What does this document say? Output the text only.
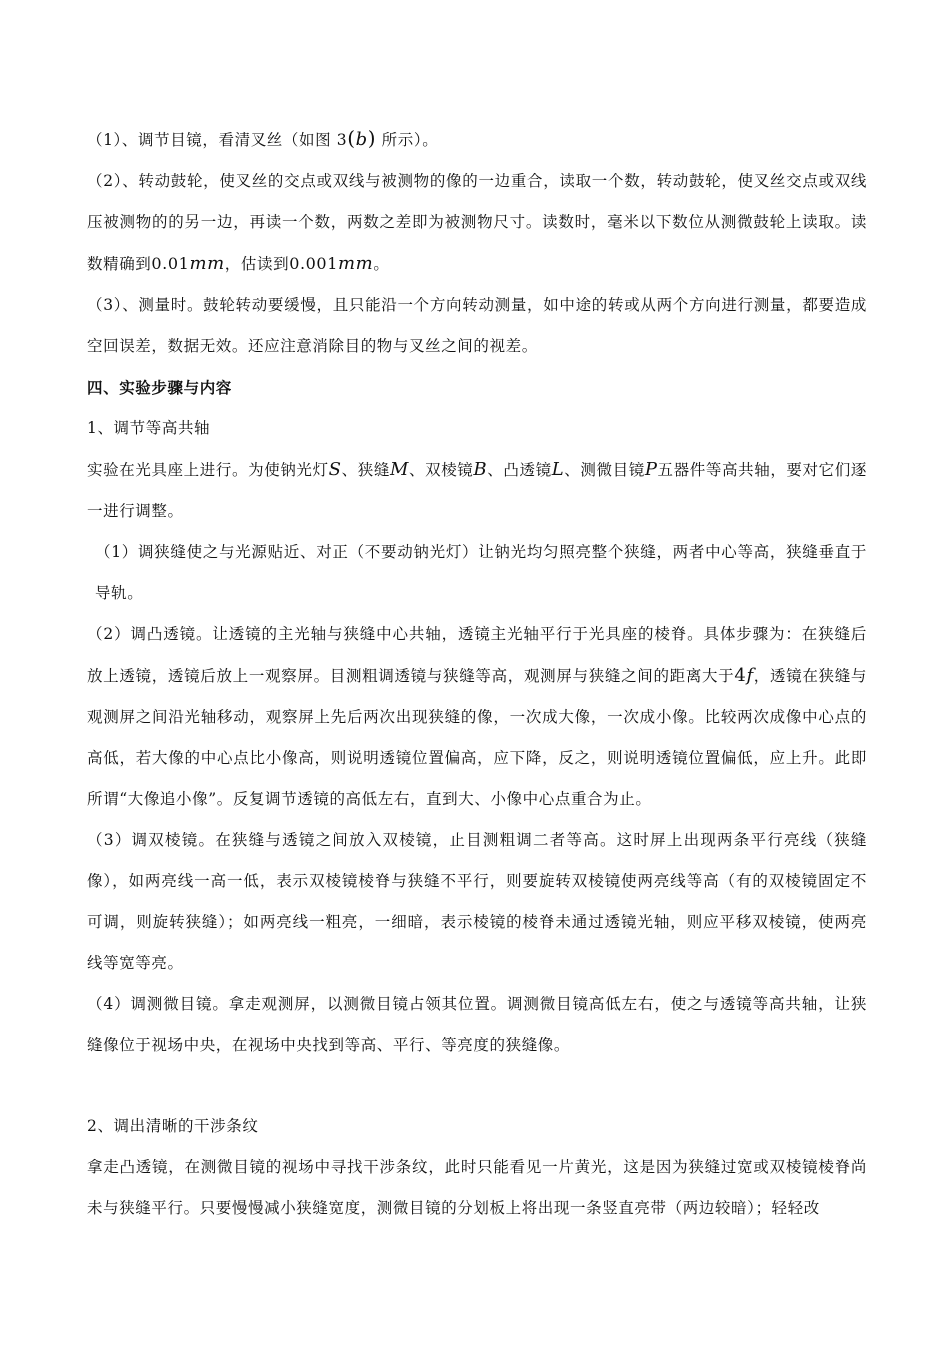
（1）、调节目镜，看清叉丝（如图 3(b) 所示）。

（2）、转动鼓轮，使叉丝的交点或双线与被测物的像的一边重合，读取一个数，转动鼓轮，使叉丝交点或双线压被测物的的另一边，再读一个数，两数之差即为被测物尺寸。读数时，毫米以下数位从测微鼓轮上读取。读数精确到0.01mm，估读到0.001mm。

（3）、测量时。鼓轮转动要缓慢，且只能沿一个方向转动测量，如中途的转或从两个方向进行测量，都要造成空回误差，数据无效。还应注意消除目的物与叉丝之间的视差。

四、实验步骤与内容

1、调节等高共轴

实验在光具座上进行。为使钠光灯S、狭缝M、双棱镜B、凸透镜L、测微目镜P五器件等高共轴，要对它们逐一进行调整。

（1）调狭缝使之与光源贴近、对正（不要动钠光灯）让钠光均匀照亮整个狭缝，两者中心等高，狭缝垂直于导轨。

（2）调凸透镜。让透镜的主光轴与狭缝中心共轴，透镜主光轴平行于光具座的棱脊。具体步骤为：在狭缝后放上透镜，透镜后放上一观察屏。目测粗调透镜与狭缝等高，观测屏与狭缝之间的距离大于4f，透镜在狭缝与观测屏之间沿光轴移动，观察屏上先后两次出现狭缝的像，一次成大像，一次成小像。比较两次成像中心点的高低，若大像的中心点比小像高，则说明透镜位置偏高，应下降，反之，则说明透镜位置偏低，应上升。此即所谓“大像追小像”。反复调节透镜的高低左右，直到大、小像中心点重合为止。

（3）调双棱镜。在狭缝与透镜之间放入双棱镜，止目测粗调二者等高。这时屏上出现两条平行亮线（狭缝像），如两亮线一高一低，表示双棱镜棱脊与狭缝不平行，则要旋转双棱镜使两亮线等高（有的双棱镜固定不可调，则旋转狭缝）；如两亮线一粗亮，一细暗，表示棱镜的棱脊未通过透镜光轴，则应平移双棱镜，使两亮线等宽等亮。

（4）调测微目镜。拿走观测屏，以测微目镜占领其位置。调测微目镜高低左右，使之与透镜等高共轴，让狭缝像位于视场中央，在视场中央找到等高、平行、等亮度的狭缝像。

2、调出清晰的干涉条纹

拿走凸透镜，在测微目镜的视场中寻找干涉条纹，此时只能看见一片黄光，这是因为狭缝过宽或双棱镜棱脊尚未与狭缝平行。只要慢慢减小狭缝宽度，测微目镜的分划板上将出现一条竖直亮带（两边较暗）；轻轻改
